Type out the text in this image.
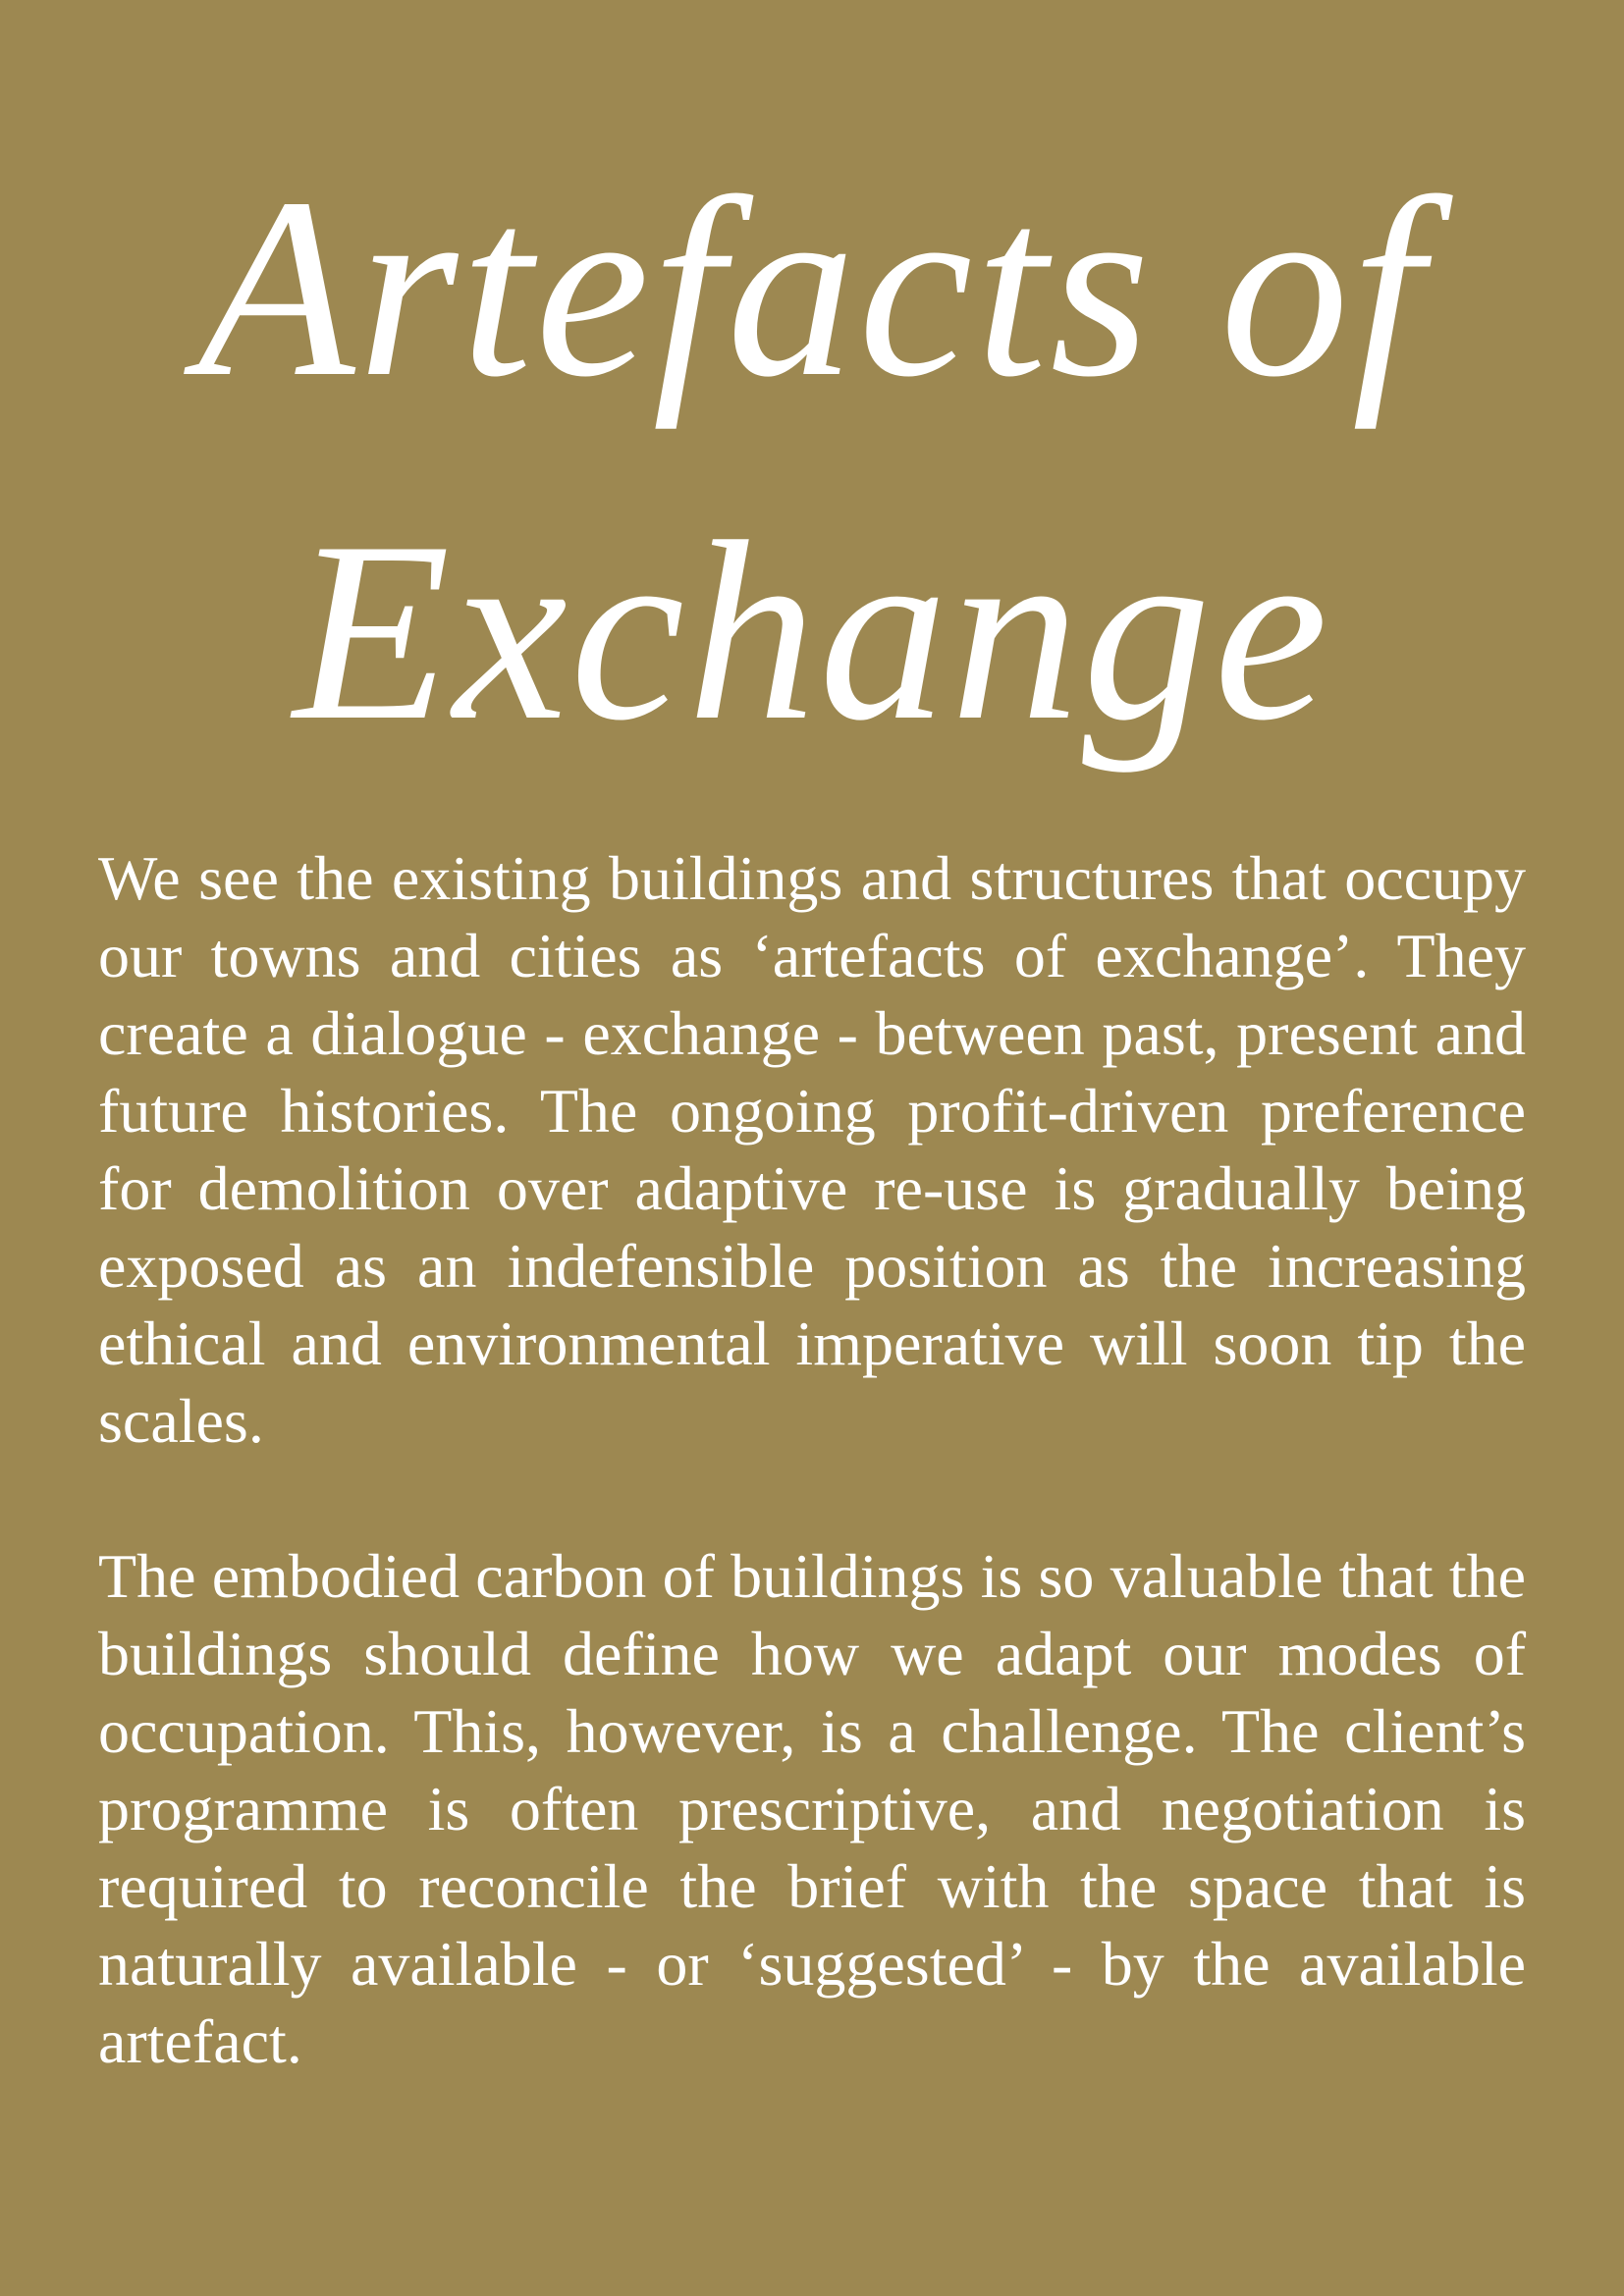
Artefacts of
Exchange

We see the existing buildings and structures that occupy our towns and cities as ‘artefacts of exchange’. They create a dialogue - exchange - between past, present and future histories. The ongoing profit-driven preference for demolition over adaptive re-use is gradually being exposed as an indefensible position as the increasing ethical and environmental imperative will soon tip the scales.

The embodied carbon of buildings is so valuable that the buildings should define how we adapt our modes of occupation. This, however, is a challenge. The client’s programme is often prescriptive, and negotiation is required to reconcile the brief with the space that is naturally available - or ‘suggested’ - by the available artefact.
